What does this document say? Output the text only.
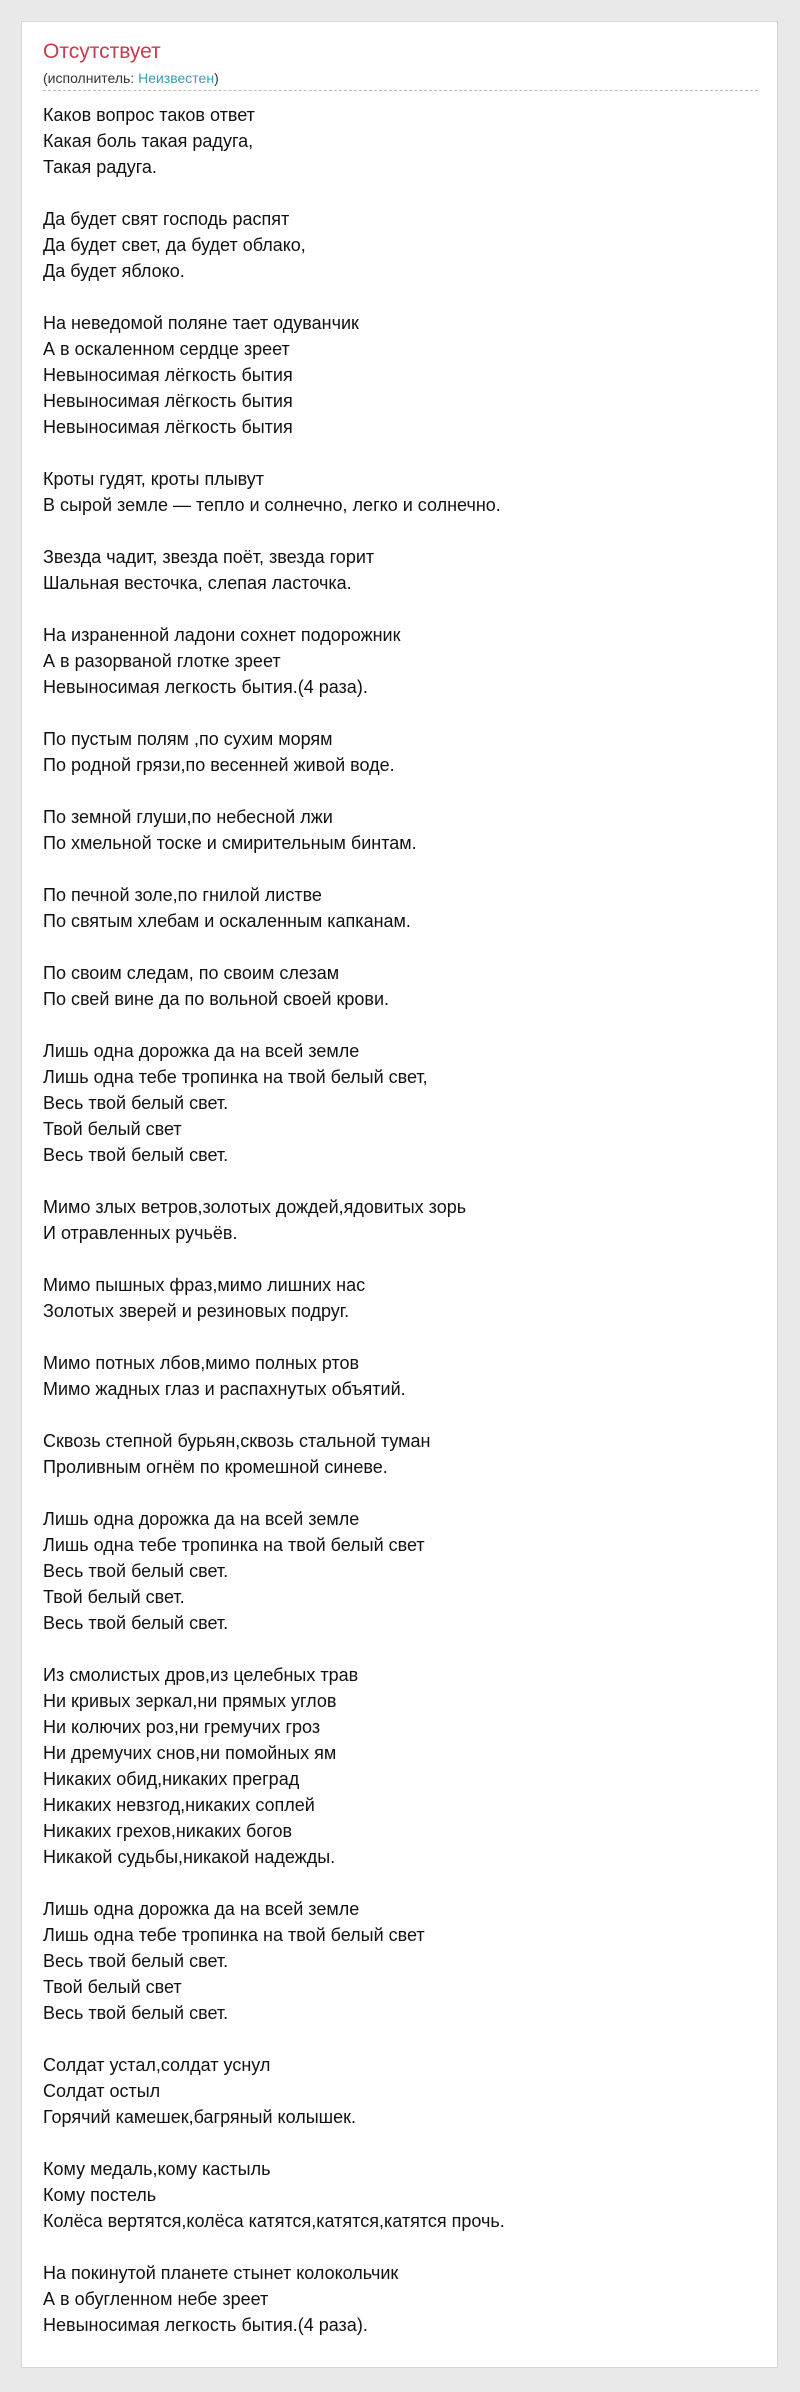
Отсутствует
(исполнитель: Неизвестен)
Каков вопрос таков ответ
Какая боль такая радуга,
Такая радуга.
Да будет свят господь распят
Да будет свет, да будет облако,
Да будет яблоко.
На неведомой поляне тает одуванчик
А в оскаленном сердце зреет
Невыносимая лёгкость бытия
Невыносимая лёгкость бытия
Невыносимая лёгкость бытия
Кроты гудят, кроты плывут
В сырой земле — тепло и солнечно, легко и солнечно.
Звезда чадит, звезда поёт, звезда горит
Шальная весточка, слепая ласточка.
На израненной ладони сохнет подорожник
А в разорваной глотке зреет
Невыносимая легкость бытия.(4 раза).
По пустым полям ,по сухим морям
По родной грязи,по весенней живой воде.
По земной глуши,по небесной лжи
По хмельной тоске и смирительным бинтам.
По печной золе,по гнилой листве
По святым хлебам и оскаленным капканам.
По своим следам, по своим слезам
По свей вине да по вольной своей крови.
Лишь одна дорожка да на всей земле
Лишь одна тебе тропинка на твой белый свет,
Весь твой белый свет.
Твой белый свет
Весь твой белый свет.
Мимо злых ветров,золотых дождей,ядовитых зорь
И отравленных ручьёв.
Мимо пышных фраз,мимо лишних нас
Золотых зверей и резиновых подруг.
Мимо потных лбов,мимо полных ртов
Мимо жадных глаз и распахнутых объятий.
Сквозь степной бурьян,сквозь стальной туман
Проливным огнём по кромешной синеве.
Лишь одна дорожка да на всей земле
Лишь одна тебе тропинка на твой белый свет
Весь твой белый свет.
Твой белый свет.
Весь твой белый свет.
Из смолистых дров,из целебных трав
Ни кривых зеркал,ни прямых углов
Ни колючих роз,ни гремучих гроз
Ни дремучих снов,ни помойных ям
Никаких обид,никаких преград
Никаких невзгод,никаких соплей
Никаких грехов,никаких богов
Никакой судьбы,никакой надежды.
Лишь одна дорожка да на всей земле
Лишь одна тебе тропинка на твой белый свет
Весь твой белый свет.
Твой белый свет
Весь твой белый свет.
Солдат устал,солдат уснул
Солдат остыл
Горячий камешек,багряный колышек.
Кому медаль,кому кастыль
Кому постель
Колёса вертятся,колёса катятся,катятся,катятся прочь.
На покинутой планете стынет колокольчик
А в обугленном небе зреет
Невыносимая легкость бытия.(4 раза).
